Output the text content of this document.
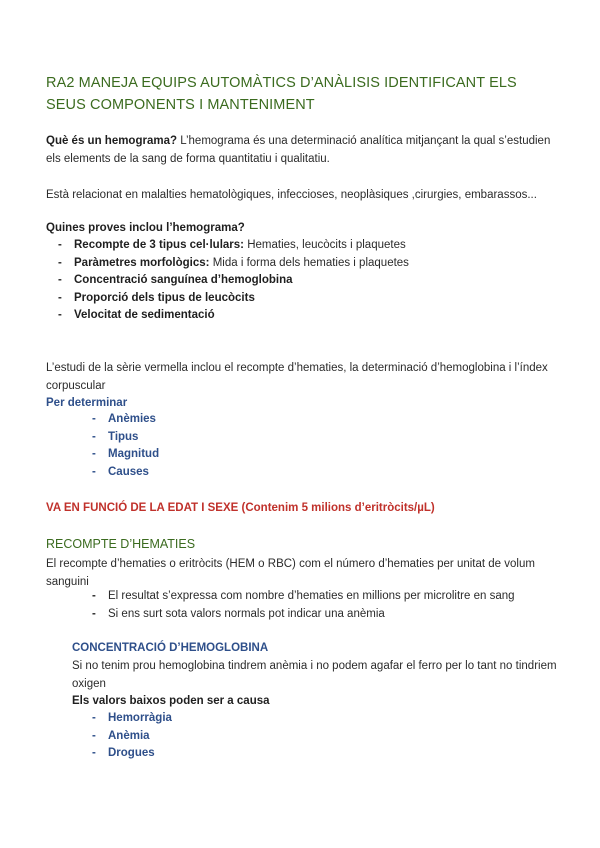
RA2 MANEJA EQUIPS AUTOMÀTICS D’ANÀLISIS IDENTIFICANT ELS SEUS COMPONENTS I MANTENIMENT
Què és un hemograma? L’hemograma és una determinació analítica mitjançant la qual s’estudien els elements de la sang de forma quantitatiu i qualitatiu.
Està relacionat en malalties hematològiques, infeccioses, neoplàsiques ,cirurgies, embarassos...
Quines proves inclou l’hemograma?
- Recompte de 3 tipus cel·lulars: Hematies, leucòcits i plaquetes
- Paràmetres morfològics: Mida i forma dels hematies i plaquetes
- Concentració sanguínea d’hemoglobina
- Proporció dels tipus de leucòcits
- Velocitat de sedimentació
L’estudi de la sèrie vermella inclou el recompte d’hematies, la determinació d’hemoglobina i l’índex corpuscular
Per determinar
- Anèmies
- Tipus
- Magnitud
- Causes
VA EN FUNCIÓ DE LA EDAT I SEXE (Contenim 5 milions d’eritròcits/µL)
RECOMPTE D’HEMATIES
El recompte d’hematies o eritròcits (HEM o RBC) com el número d’hematies per unitat de volum sanguini
- El resultat s’expressa com nombre d’hematies en millions per microlitre en sang
- Si ens surt sota valors normals pot indicar una anèmia
CONCENTRACIÓ D’HEMOGLOBINA
Si no tenim prou hemoglobina tindrem anèmia i no podem agafar el ferro per lo tant no tindriem oxigen
Els valors baixos poden ser a causa
- Hemorràgia
- Anèmia
- Drogues
